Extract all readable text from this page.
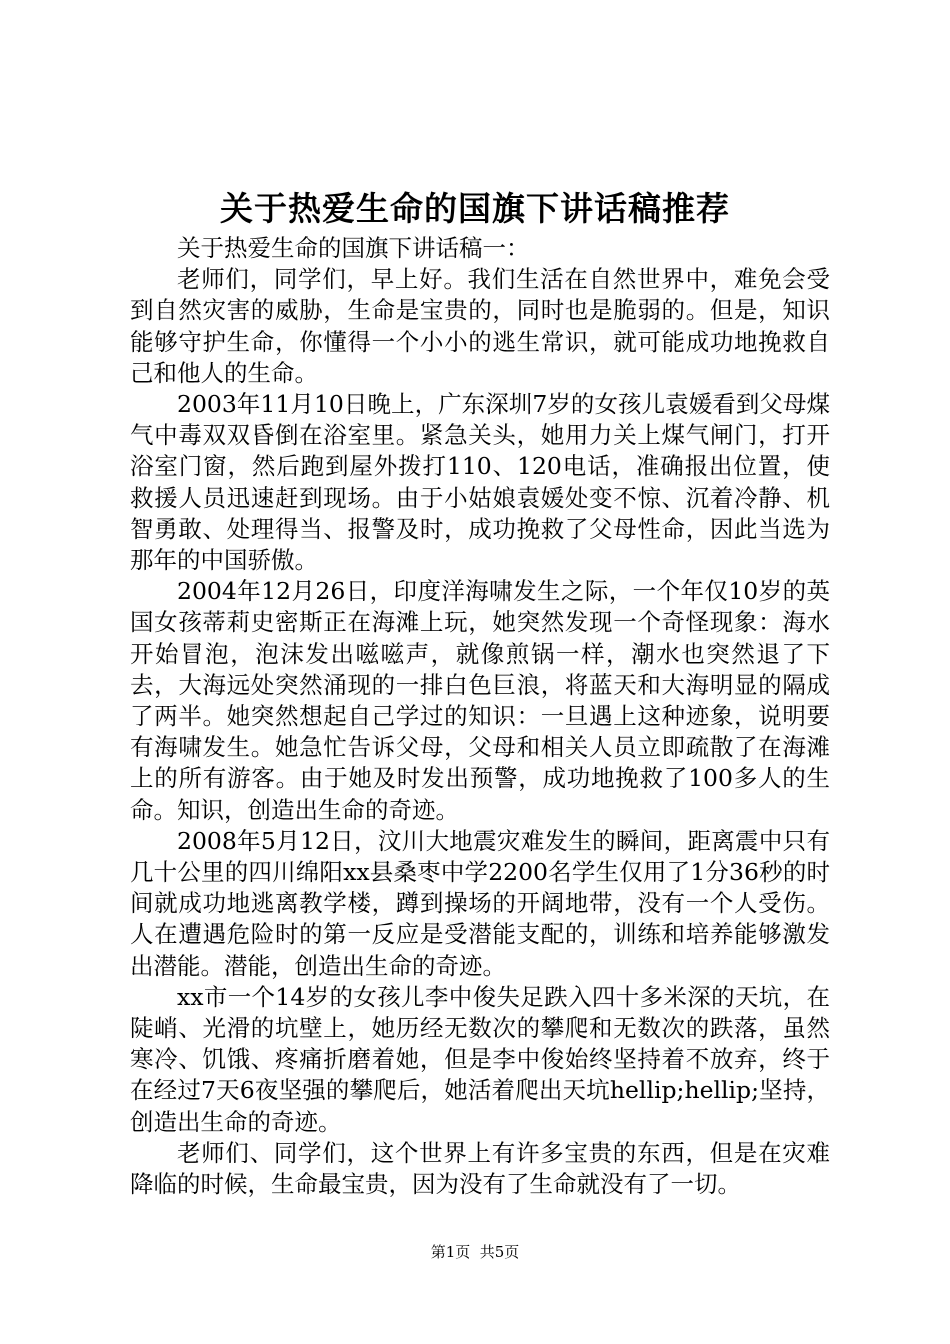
关于热爱生命的国旗下讲话稿推荐

关于热爱生命的国旗下讲话稿一：

老师们，同学们，早上好。我们生活在自然世界中，难免会受到自然灾害的威胁，生命是宝贵的，同时也是脆弱的。但是，知识能够守护生命，你懂得一个小小的逃生常识，就可能成功地挽救自己和他人的生命。

2003年11月10日晚上，广东深圳7岁的女孩儿袁媛看到父母煤气中毒双双昏倒在浴室里。紧急关头，她用力关上煤气闸门，打开浴室门窗，然后跑到屋外拨打110、120电话，准确报出位置，使救援人员迅速赶到现场。由于小姑娘袁媛处变不惊、沉着冷静、机智勇敢、处理得当、报警及时，成功挽救了父母性命，因此当选为那年的中国骄傲。

2004年12月26日，印度洋海啸发生之际，一个年仅10岁的英国女孩蒂莉史密斯正在海滩上玩，她突然发现一个奇怪现象：海水开始冒泡，泡沫发出嗞嗞声，就像煎锅一样，潮水也突然退了下去，大海远处突然涌现的一排白色巨浪，将蓝天和大海明显的隔成了两半。她突然想起自己学过的知识：一旦遇上这种迹象，说明要有海啸发生。她急忙告诉父母，父母和相关人员立即疏散了在海滩上的所有游客。由于她及时发出预警，成功地挽救了100多人的生命。知识，创造出生命的奇迹。

2008年5月12日，汶川大地震灾难发生的瞬间，距离震中只有几十公里的四川绵阳xx县桑枣中学2200名学生仅用了1分36秒的时间就成功地逃离教学楼，蹲到操场的开阔地带，没有一个人受伤。人在遭遇危险时的第一反应是受潜能支配的，训练和培养能够激发出潜能。潜能，创造出生命的奇迹。

xx市一个14岁的女孩儿李中俊失足跌入四十多米深的天坑，在陡峭、光滑的坑壁上，她历经无数次的攀爬和无数次的跌落，虽然寒冷、饥饿、疼痛折磨着她，但是李中俊始终坚持着不放弃，终于在经过7天6夜坚强的攀爬后，她活着爬出天坑hellip;hellip;坚持，创造出生命的奇迹。

老师们、同学们，这个世界上有许多宝贵的东西，但是在灾难降临的时候，生命最宝贵，因为没有了生命就没有了一切。

第1页  共5页
